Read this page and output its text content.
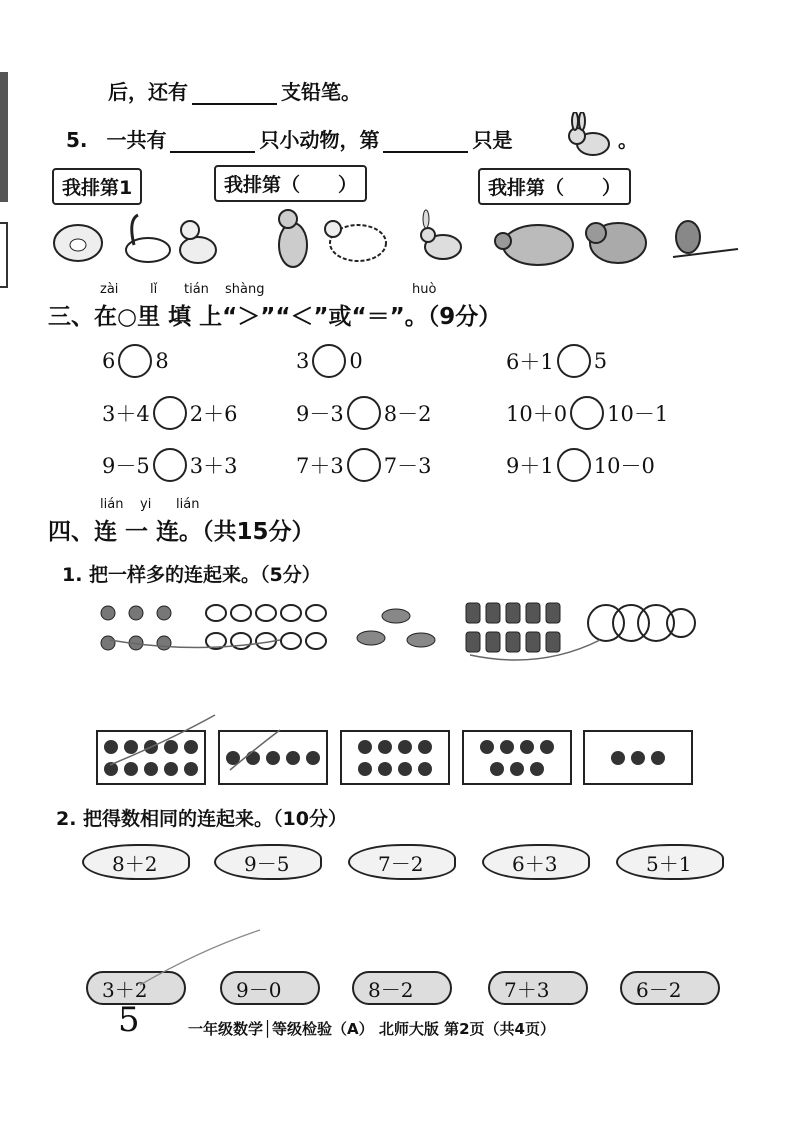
后，还有	支铅笔。
5. 一共有	只小动物，第	只是	。
我排第1	我排第（　　）	我排第（　　）
zài lǐ tián shàng	huò
三、在○里 填 上“＞”“＜”或“＝”。（9分）
6 8	3 0	6＋1 5
3＋4 2＋6	9－3 8－2	10＋0 10－1
9－5 3＋3	7＋3 7－3	9＋1 10－0
lián yi lián
四、连 一 连。（共15分）
1. 把一样多的连起来。（5分）
2. 把得数相同的连起来。（10分）
8＋2	9－5	7－2	6＋3	5＋1
3＋2	9－0	8－2	7＋3	6－2
5	一年级数学│等级检验（A） 北师大版 第2页（共4页）
